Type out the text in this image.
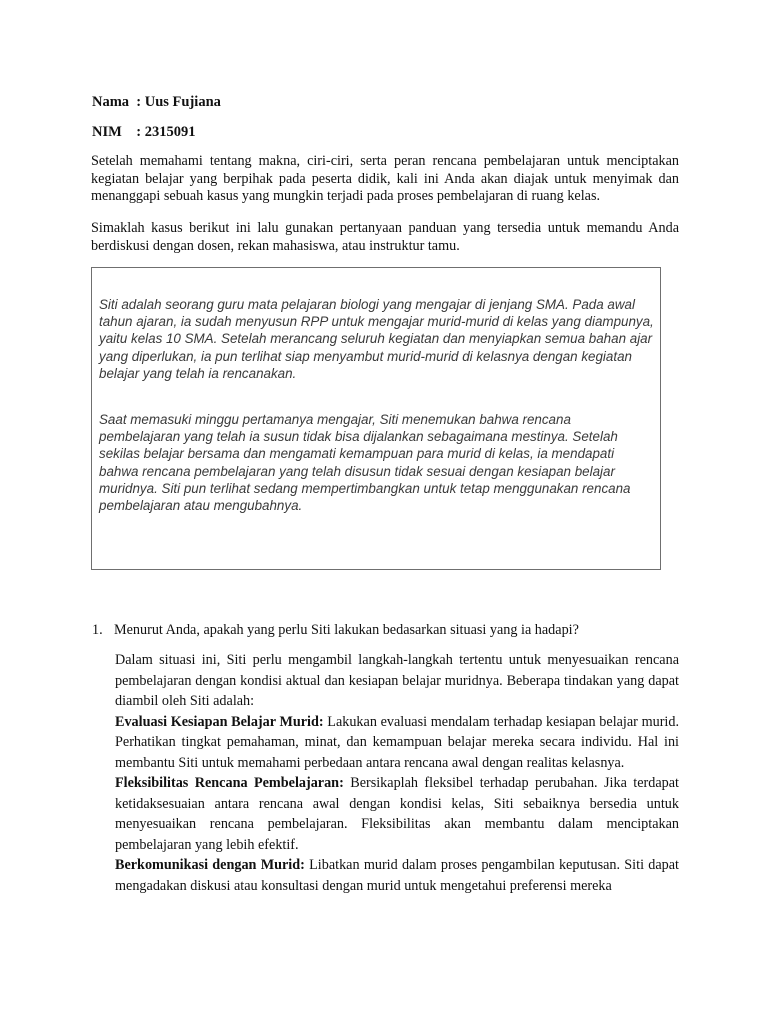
Nama  : Uus Fujiana
NIM    : 2315091
Setelah memahami tentang makna, ciri-ciri, serta peran rencana pembelajaran untuk menciptakan kegiatan belajar yang berpihak pada peserta didik, kali ini Anda akan diajak untuk menyimak dan menanggapi sebuah kasus yang mungkin terjadi pada proses pembelajaran di ruang kelas.
Simaklah kasus berikut ini lalu gunakan pertanyaan panduan yang tersedia untuk memandu Anda berdiskusi dengan dosen, rekan mahasiswa, atau instruktur tamu.
Siti adalah seorang guru mata pelajaran biologi yang mengajar di jenjang SMA. Pada awal tahun ajaran, ia sudah menyusun RPP untuk mengajar murid-murid di kelas yang diampunya, yaitu kelas 10 SMA. Setelah merancang seluruh kegiatan dan menyiapkan semua bahan ajar yang diperlukan, ia pun terlihat siap menyambut murid-murid di kelasnya dengan kegiatan belajar yang telah ia rencanakan.
Saat memasuki minggu pertamanya mengajar, Siti menemukan bahwa rencana pembelajaran yang telah ia susun tidak bisa dijalankan sebagaimana mestinya. Setelah sekilas belajar bersama dan mengamati kemampuan para murid di kelas, ia mendapati bahwa rencana pembelajaran yang telah disusun tidak sesuai dengan kesiapan belajar muridnya. Siti pun terlihat sedang mempertimbangkan untuk tetap menggunakan rencana pembelajaran atau mengubahnya.
1. Menurut Anda, apakah yang perlu Siti lakukan bedasarkan situasi yang ia hadapi?
Dalam situasi ini, Siti perlu mengambil langkah-langkah tertentu untuk menyesuaikan rencana pembelajaran dengan kondisi aktual dan kesiapan belajar muridnya. Beberapa tindakan yang dapat diambil oleh Siti adalah:
Evaluasi Kesiapan Belajar Murid: Lakukan evaluasi mendalam terhadap kesiapan belajar murid. Perhatikan tingkat pemahaman, minat, dan kemampuan belajar mereka secara individu. Hal ini membantu Siti untuk memahami perbedaan antara rencana awal dengan realitas kelasnya.
Fleksibilitas Rencana Pembelajaran: Bersikaplah fleksibel terhadap perubahan. Jika terdapat ketidaksesuaian antara rencana awal dengan kondisi kelas, Siti sebaiknya bersedia untuk menyesuaikan rencana pembelajaran. Fleksibilitas akan membantu dalam menciptakan pembelajaran yang lebih efektif.
Berkomunikasi dengan Murid: Libatkan murid dalam proses pengambilan keputusan. Siti dapat mengadakan diskusi atau konsultasi dengan murid untuk mengetahui preferensi mereka
